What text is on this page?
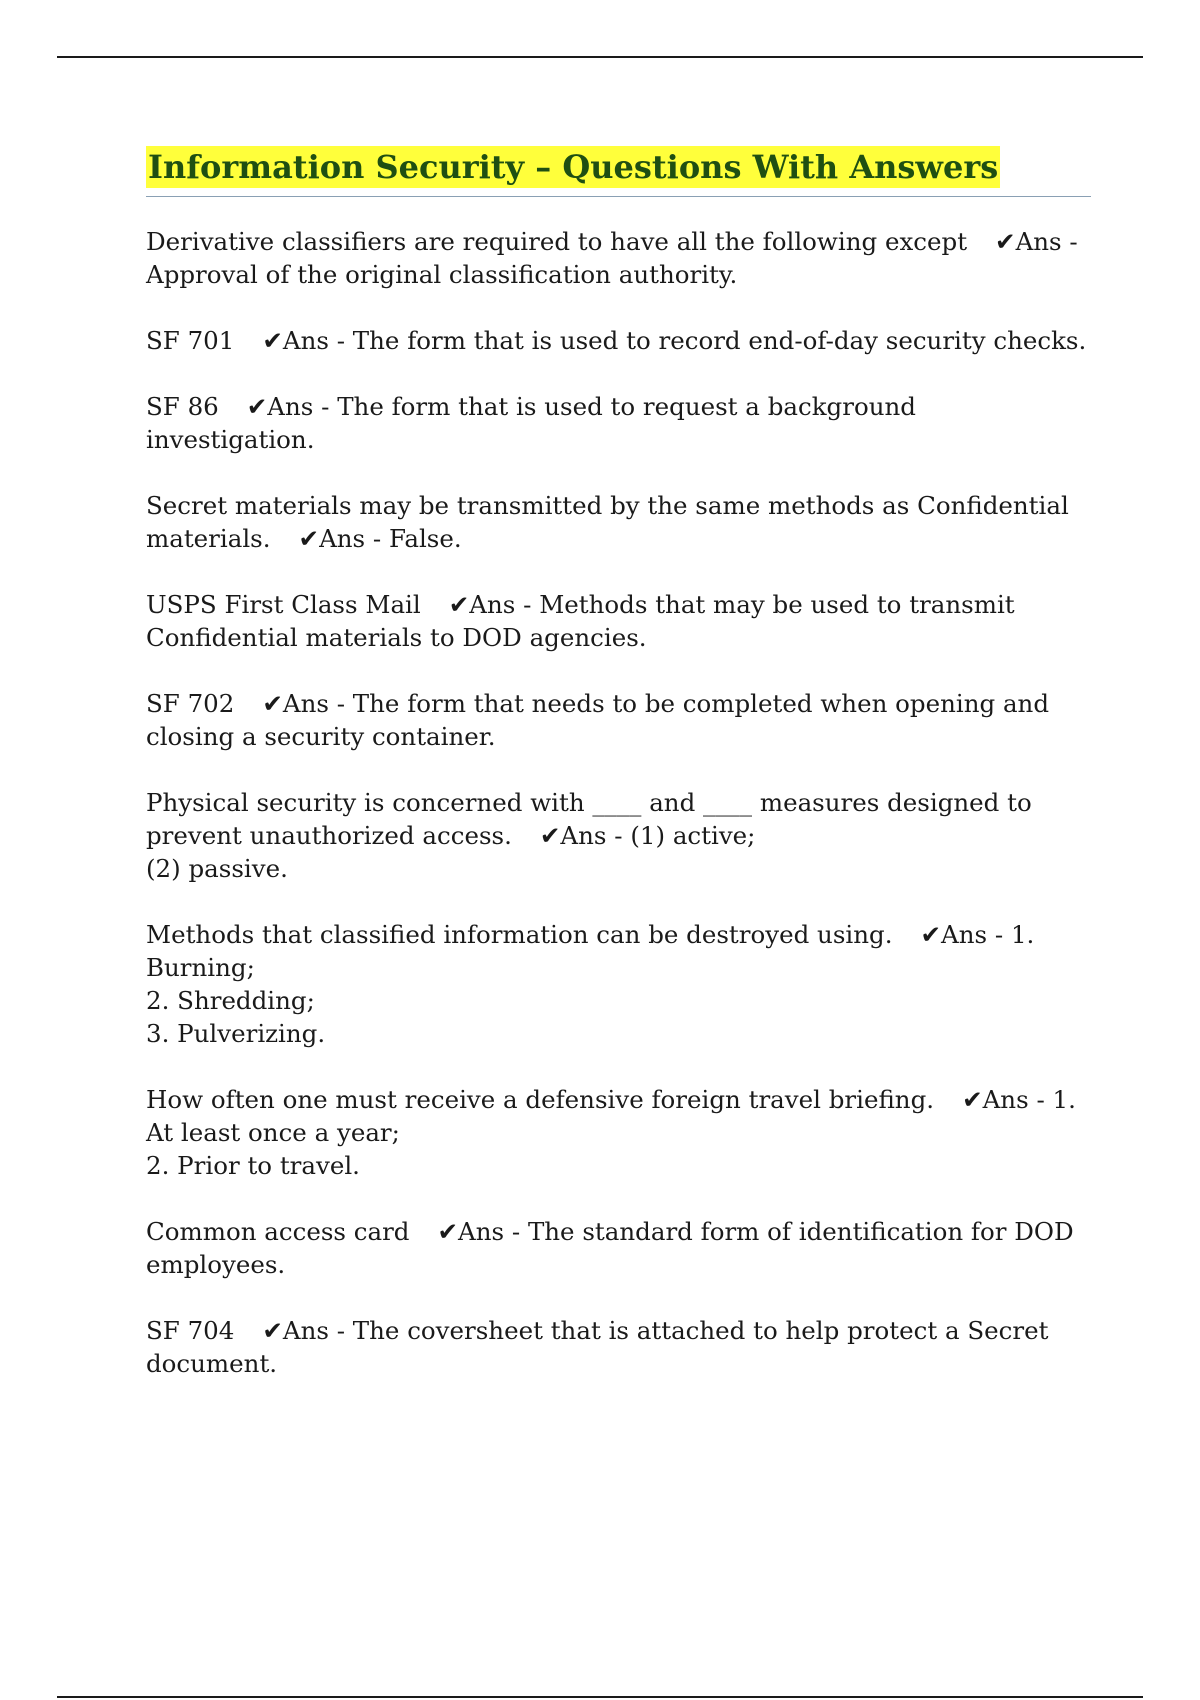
Information Security – Questions With Answers

Derivative classifiers are required to have all the following except ✔Ans - Approval of the original classification authority.

SF 701 ✔Ans - The form that is used to record end-of-day security checks.

SF 86 ✔Ans - The form that is used to request a background investigation.

Secret materials may be transmitted by the same methods as Confidential materials. ✔Ans - False.

USPS First Class Mail ✔Ans - Methods that may be used to transmit Confidential materials to DOD agencies.

SF 702 ✔Ans - The form that needs to be completed when opening and closing a security container.

Physical security is concerned with ____ and ____ measures designed to prevent unauthorized access. ✔Ans - (1) active;
(2) passive.

Methods that classified information can be destroyed using. ✔Ans - 1. Burning;
2. Shredding;
3. Pulverizing.

How often one must receive a defensive foreign travel briefing. ✔Ans - 1. At least once a year;
2. Prior to travel.

Common access card ✔Ans - The standard form of identification for DOD employees.

SF 704 ✔Ans - The coversheet that is attached to help protect a Secret document.
